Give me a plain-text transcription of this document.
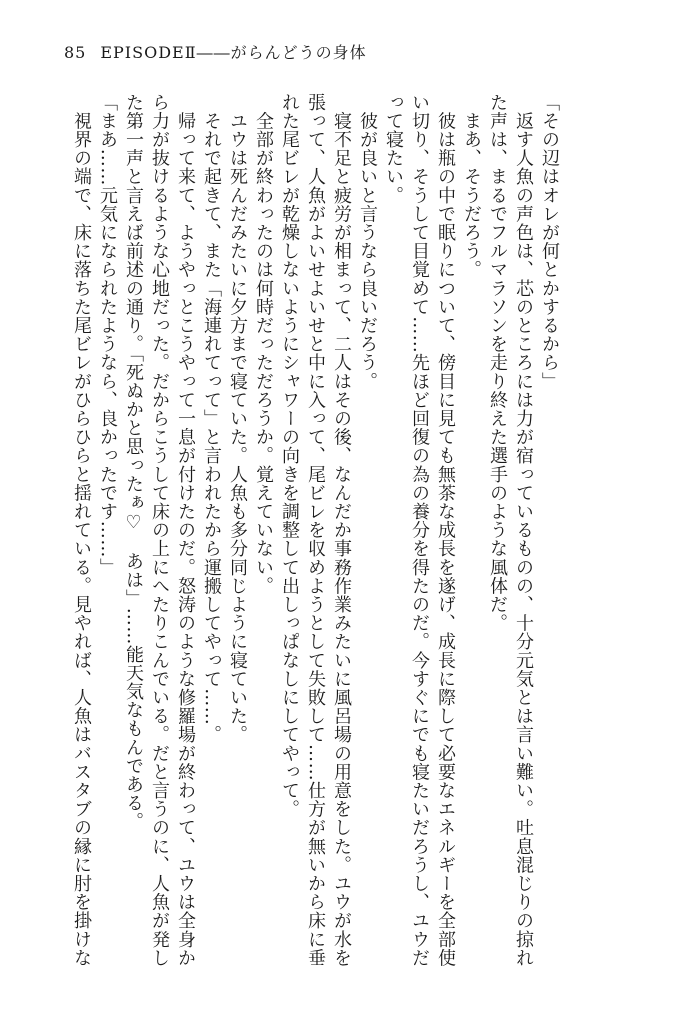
85 EPISODEⅡ――がらんどうの身体
「その辺はオレが何とかするから」
　返す人魚の声色は、芯のところには力が宿っているものの、十分元気とは言い難い。吐息混じりの掠れ
た声は、まるでフルマラソンを走り終えた選手のような風体だ。
　まあ、そうだろう。
　彼は瓶の中で眠りについて、傍目に見ても無茶な成長を遂げ、成長に際して必要なエネルギーを全部使
い切り、そうして目覚めて……先ほど回復の為の養分を得たのだ。今すぐにでも寝たいだろうし、ユウだ
って寝たい。
　彼が良いと言うなら良いだろう。
　寝不足と疲労が相まって、二人はその後、なんだか事務作業みたいに風呂場の用意をした。ユウが水を
張って、人魚がよいせよいせと中に入って、尾ビレを収めようとして失敗して……仕方が無いから床に垂
れた尾ビレが乾燥しないようにシャワーの向きを調整して出しっぱなしにしてやって。
　全部が終わったのは何時だっただろうか。覚えていない。
　ユウは死んだみたいに夕方まで寝ていた。人魚も多分同じように寝ていた。
　それで起きて、また「海連れてって」と言われたから運搬してやって……。
　帰って来て、ようやっとこうやって一息が付けたのだ。怒涛のような修羅場が終わって、ユウは全身か
ら力が抜けるような心地だった。だからこうして床の上にへたりこんでいる。だと言うのに、人魚が発し
た第一声と言えば前述の通り。「死ぬかと思ったぁ♡　あは」……能天気なもんである。
「まあ……元気になられたようなら、良かったです……」
　視界の端で、床に落ちた尾ビレがひらひらと揺れている。見やれば、人魚はバスタブの縁に肘を掛けな
